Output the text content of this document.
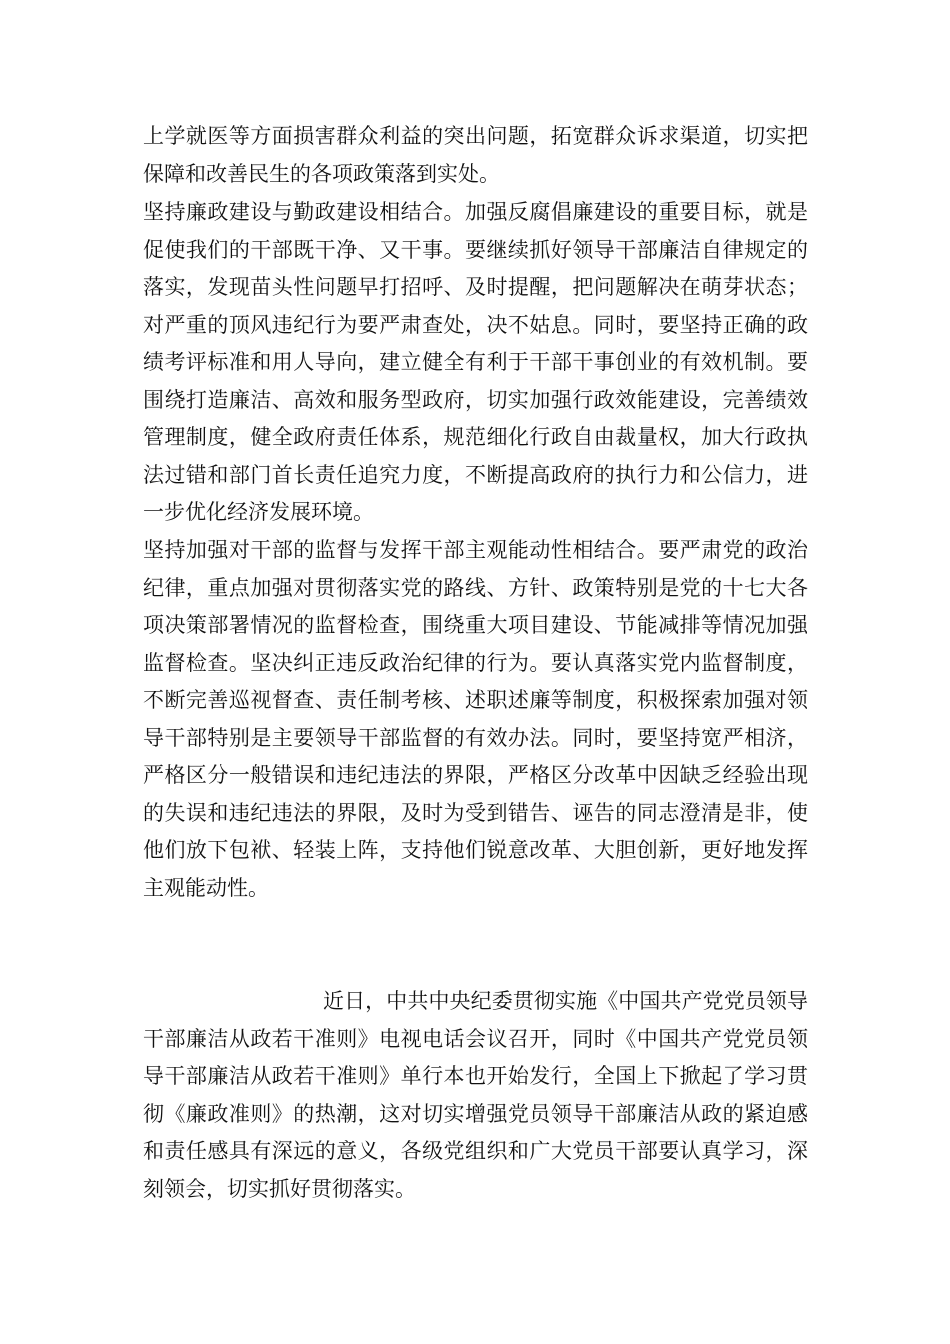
上学就医等方面损害群众利益的突出问题，拓宽群众诉求渠道，切实把保障和改善民生的各项政策落到实处。

坚持廉政建设与勤政建设相结合。加强反腐倡廉建设的重要目标，就是促使我们的干部既干净、又干事。要继续抓好领导干部廉洁自律规定的落实，发现苗头性问题早打招呼、及时提醒，把问题解决在萌芽状态；对严重的顶风违纪行为要严肃查处，决不姑息。同时，要坚持正确的政绩考评标准和用人导向，建立健全有利于干部干事创业的有效机制。要围绕打造廉洁、高效和服务型政府，切实加强行政效能建设，完善绩效管理制度，健全政府责任体系，规范细化行政自由裁量权，加大行政执法过错和部门首长责任追究力度，不断提高政府的执行力和公信力，进一步优化经济发展环境。

坚持加强对干部的监督与发挥干部主观能动性相结合。要严肃党的政治纪律，重点加强对贯彻落实党的路线、方针、政策特别是党的十七大各项决策部署情况的监督检查，围绕重大项目建设、节能减排等情况加强监督检查。坚决纠正违反政治纪律的行为。要认真落实党内监督制度，不断完善巡视督查、责任制考核、述职述廉等制度，积极探索加强对领导干部特别是主要领导干部监督的有效办法。同时，要坚持宽严相济，严格区分一般错误和违纪违法的界限，严格区分改革中因缺乏经验出现的失误和违纪违法的界限，及时为受到错告、诬告的同志澄清是非，使他们放下包袱、轻装上阵，支持他们锐意改革、大胆创新，更好地发挥主观能动性。

近日，中共中央纪委贯彻实施《中国共产党党员领导干部廉洁从政若干准则》电视电话会议召开，同时《中国共产党党员领导干部廉洁从政若干准则》单行本也开始发行，全国上下掀起了学习贯彻《廉政准则》的热潮，这对切实增强党员领导干部廉洁从政的紧迫感和责任感具有深远的意义，各级党组织和广大党员干部要认真学习，深刻领会，切实抓好贯彻落实。
